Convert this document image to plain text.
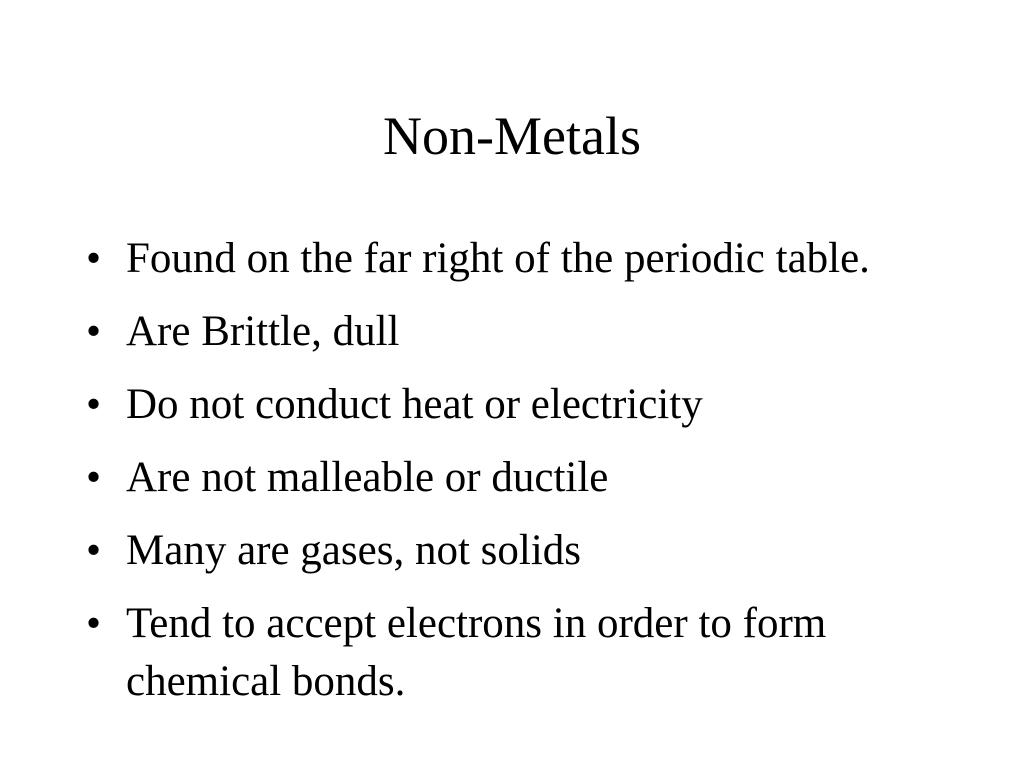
Non-Metals
• Found on the far right of the periodic table.
• Are Brittle, dull
• Do not conduct heat or electricity
• Are not malleable or ductile
• Many are gases, not solids
• Tend to accept electrons in order to form chemical bonds.
